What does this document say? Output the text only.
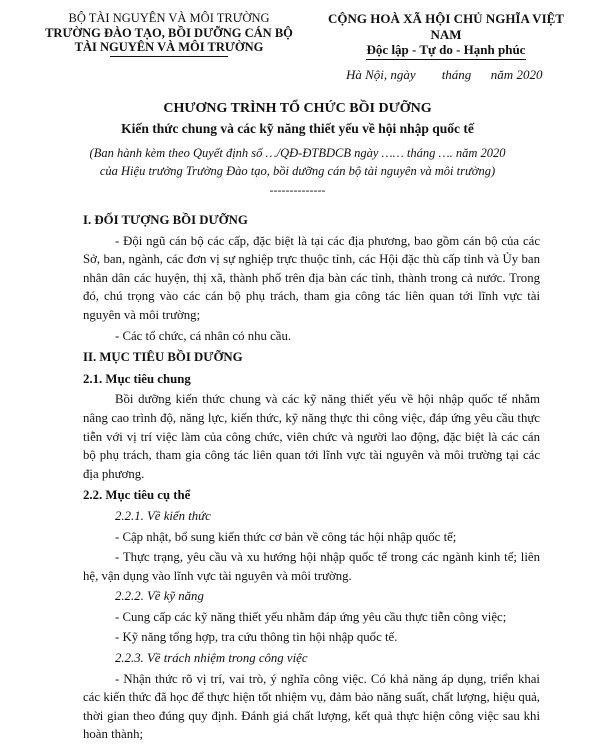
BỘ TÀI NGUYÊN VÀ MÔI TRƯỜNG
TRƯỜNG ĐÀO TẠO, BỒI DƯỠNG CÁN BỘ
TÀI NGUYÊN VÀ MÔI TRƯỜNG
CỘNG HOÀ XÃ HỘI CHỦ NGHĨA VIỆT NAM
Độc lập - Tự do - Hạnh phúc
Hà Nội, ngày        tháng      năm 2020
CHƯƠNG TRÌNH TỔ CHỨC BỒI DƯỠNG
Kiến thức chung và các kỹ năng thiết yếu về hội nhập quốc tế
(Ban hành kèm theo Quyết định số …/QĐ-ĐTBDCB ngày …… tháng …. năm 2020
của Hiệu trưởng Trường Đào tạo, bồi dưỡng cán bộ tài nguyên và môi trường)
--------------

I. ĐỐI TƯỢNG BỒI DƯỠNG

- Đội ngũ cán bộ các cấp, đặc biệt là tại các địa phương, bao gồm cán bộ của các Sở, ban, ngành, các đơn vị sự nghiệp trực thuộc tỉnh, các Hội đặc thù cấp tỉnh và Ủy ban nhân dân các huyện, thị xã, thành phố trên địa bàn các tỉnh, thành trong cả nước. Trong đó, chú trọng vào các cán bộ phụ trách, tham gia công tác liên quan tới lĩnh vực tài nguyên và môi trường;

- Các tổ chức, cá nhân có nhu cầu.

II. MỤC TIÊU BỒI DƯỠNG

2.1. Mục tiêu chung

Bồi dưỡng kiến thức chung và các kỹ năng thiết yếu về hội nhập quốc tế nhằm nâng cao trình độ, năng lực, kiến thức, kỹ năng thực thi công việc, đáp ứng yêu cầu thực tiễn với vị trí việc làm của công chức, viên chức và người lao động, đặc biệt là các cán bộ phụ trách, tham gia công tác liên quan tới lĩnh vực tài nguyên và môi trường tại các địa phương.

2.2. Mục tiêu cụ thể

2.2.1. Về kiến thức

- Cập nhật, bổ sung kiến thức cơ bản về công tác hội nhập quốc tế;

- Thực trạng, yêu cầu và xu hướng hội nhập quốc tế trong các ngành kinh tế; liên hệ, vận dụng vào lĩnh vực tài nguyên và môi trường.

2.2.2. Về kỹ năng

- Cung cấp các kỹ năng thiết yếu nhằm đáp ứng yêu cầu thực tiễn công việc;

- Kỹ năng tổng hợp, tra cứu thông tin hội nhập quốc tế.

2.2.3. Về trách nhiệm trong công việc

- Nhận thức rõ vị trí, vai trò, ý nghĩa công việc. Có khả năng áp dụng, triển khai các kiến thức đã học để thực hiện tốt nhiệm vụ, đảm bảo năng suất, chất lượng, hiệu quả, thời gian theo đúng quy định. Đánh giá chất lượng, kết quả thực hiện công việc sau khi hoàn thành;
